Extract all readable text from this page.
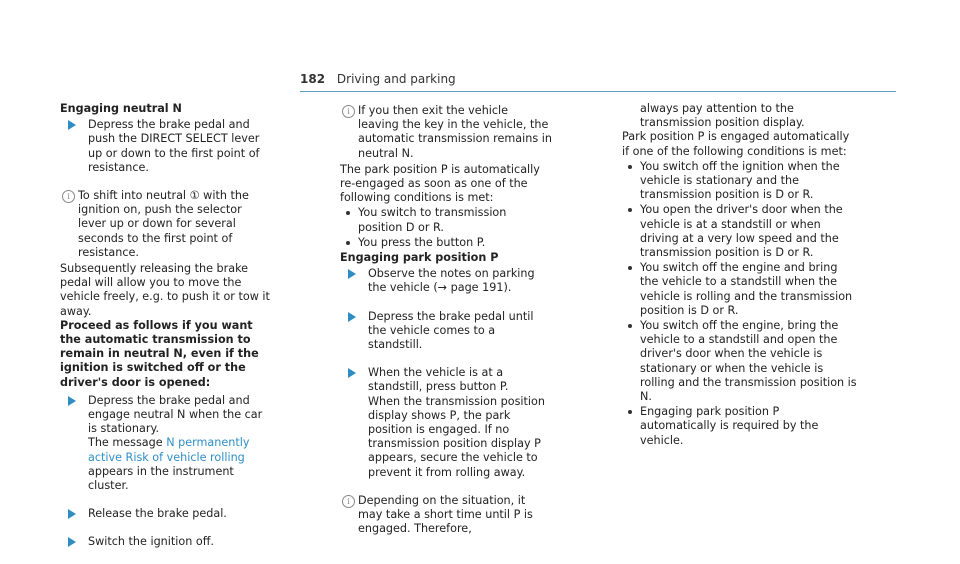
182 Driving and parking

Engaging neutral N

Depress the brake pedal and push the DIRECT SELECT lever up or down to the first point of resistance.
i To shift into neutral ① with the ignition on, push the selector lever up or down for several seconds to the first point of resistance.

Subsequently releasing the brake pedal will allow you to move the vehicle freely, e.g. to push it or tow it away.

Proceed as follows if you want the automatic transmission to remain in neutral N, even if the ignition is switched off or the driver's door is opened:

Depress the brake pedal and engage neutral N when the car is stationary.
The message N permanently active Risk of vehicle rolling appears in the instrument cluster.
Release the brake pedal.
Switch the ignition off.
i If you then exit the vehicle leaving the key in the vehicle, the automatic transmission remains in neutral N.

The park position P is automatically re-engaged as soon as one of the following conditions is met:

You switch to transmission position D or R.
You press the button P.

Engaging park position P

Observe the notes on parking the vehicle (→ page 191).
Depress the brake pedal until the vehicle comes to a standstill.
When the vehicle is at a standstill, press button P.
When the transmission position display shows P, the park position is engaged. If no transmission position display P appears, secure the vehicle to prevent it from rolling away.
i Depending on the situation, it may take a short time until P is engaged. Therefore,

always pay attention to the transmission position display.

Park position P is engaged automatically if one of the following conditions is met:

You switch off the ignition when the vehicle is stationary and the transmission position is D or R.
You open the driver's door when the vehicle is at a standstill or when driving at a very low speed and the transmission position is D or R.
You switch off the engine and bring the vehicle to a standstill when the vehicle is rolling and the transmission position is D or R.
You switch off the engine, bring the vehicle to a standstill and open the driver's door when the vehicle is stationary or when the vehicle is rolling and the transmission position is N.
Engaging park position P automatically is required by the vehicle.
